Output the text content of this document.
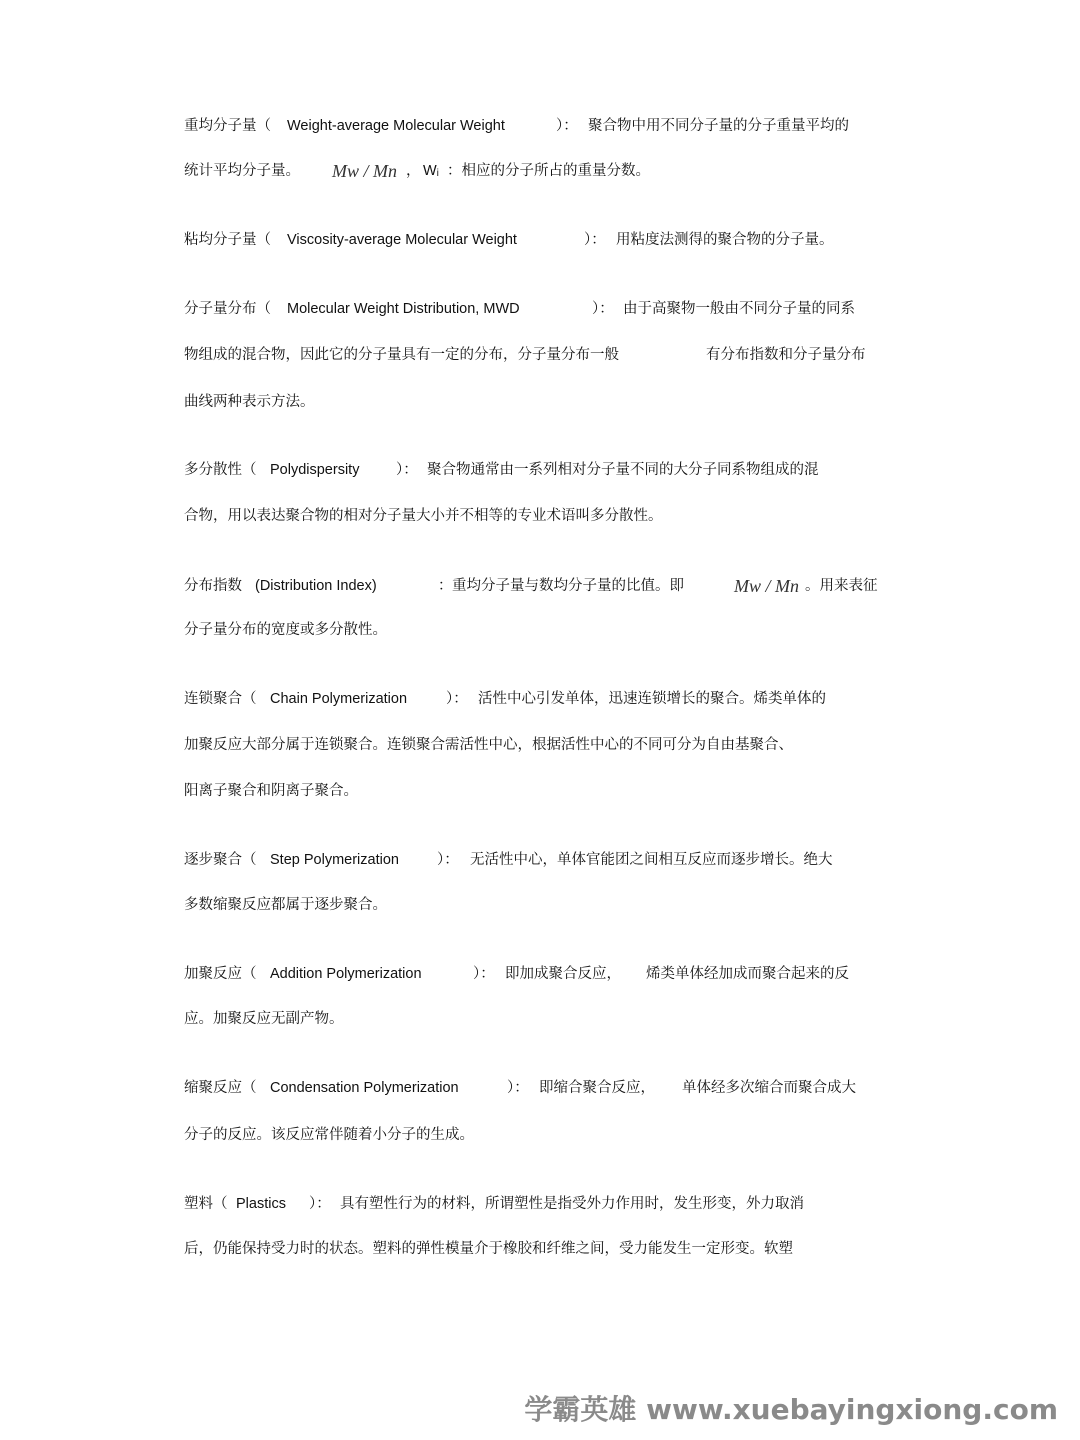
重均分子量（ Weight-average Molecular Weight	）： 聚合物中用不同分子量的分子重量平均的
统计平均分子量。 Mw / Mn ， Wᵢ ：相应的分子所占的重量分数。
粘均分子量（ Viscosity-average Molecular Weight	）： 用粘度法测得的聚合物的分子量。
分子量分布（ Molecular Weight Distribution, MWD	）： 由于高聚物一般由不同分子量的同系
物组成的混合物，因此它的分子量具有一定的分布，分子量分布一般	有分布指数和分子量分布
曲线两种表示方法。
多分散性（ Polydispersity	）： 聚合物通常由一系列相对分子量不同的大分子同系物组成的混
合物，用以表达聚合物的相对分子量大小并不相等的专业术语叫多分散性。
分布指数 (Distribution Index)	： 重均分子量与数均分子量的比值。即	Mw / Mn 。用来表征
分子量分布的宽度或多分散性。
连锁聚合（ Chain Polymerization	）： 活性中心引发单体，迅速连锁增长的聚合。烯类单体的
加聚反应大部分属于连锁聚合。连锁聚合需活性中心，根据活性中心的不同可分为自由基聚合、
阳离子聚合和阴离子聚合。
逐步聚合（ Step Polymerization	）： 无活性中心，单体官能团之间相互反应而逐步增长。绝大
多数缩聚反应都属于逐步聚合。
加聚反应（ Addition Polymerization	）： 即加成聚合反应， 烯类单体经加成而聚合起来的反
应。加聚反应无副产物。
缩聚反应（ Condensation Polymerization	）： 即缩合聚合反应， 单体经多次缩合而聚合成大
分子的反应。该反应常伴随着小分子的生成。
塑料（ Plastics ）： 具有塑性行为的材料，所谓塑性是指受外力作用时，发生形变，外力取消
后，仍能保持受力时的状态。塑料的弹性模量介于橡胶和纤维之间，受力能发生一定形变。软塑
学霸英雄 www.xuebayingxiong.com
